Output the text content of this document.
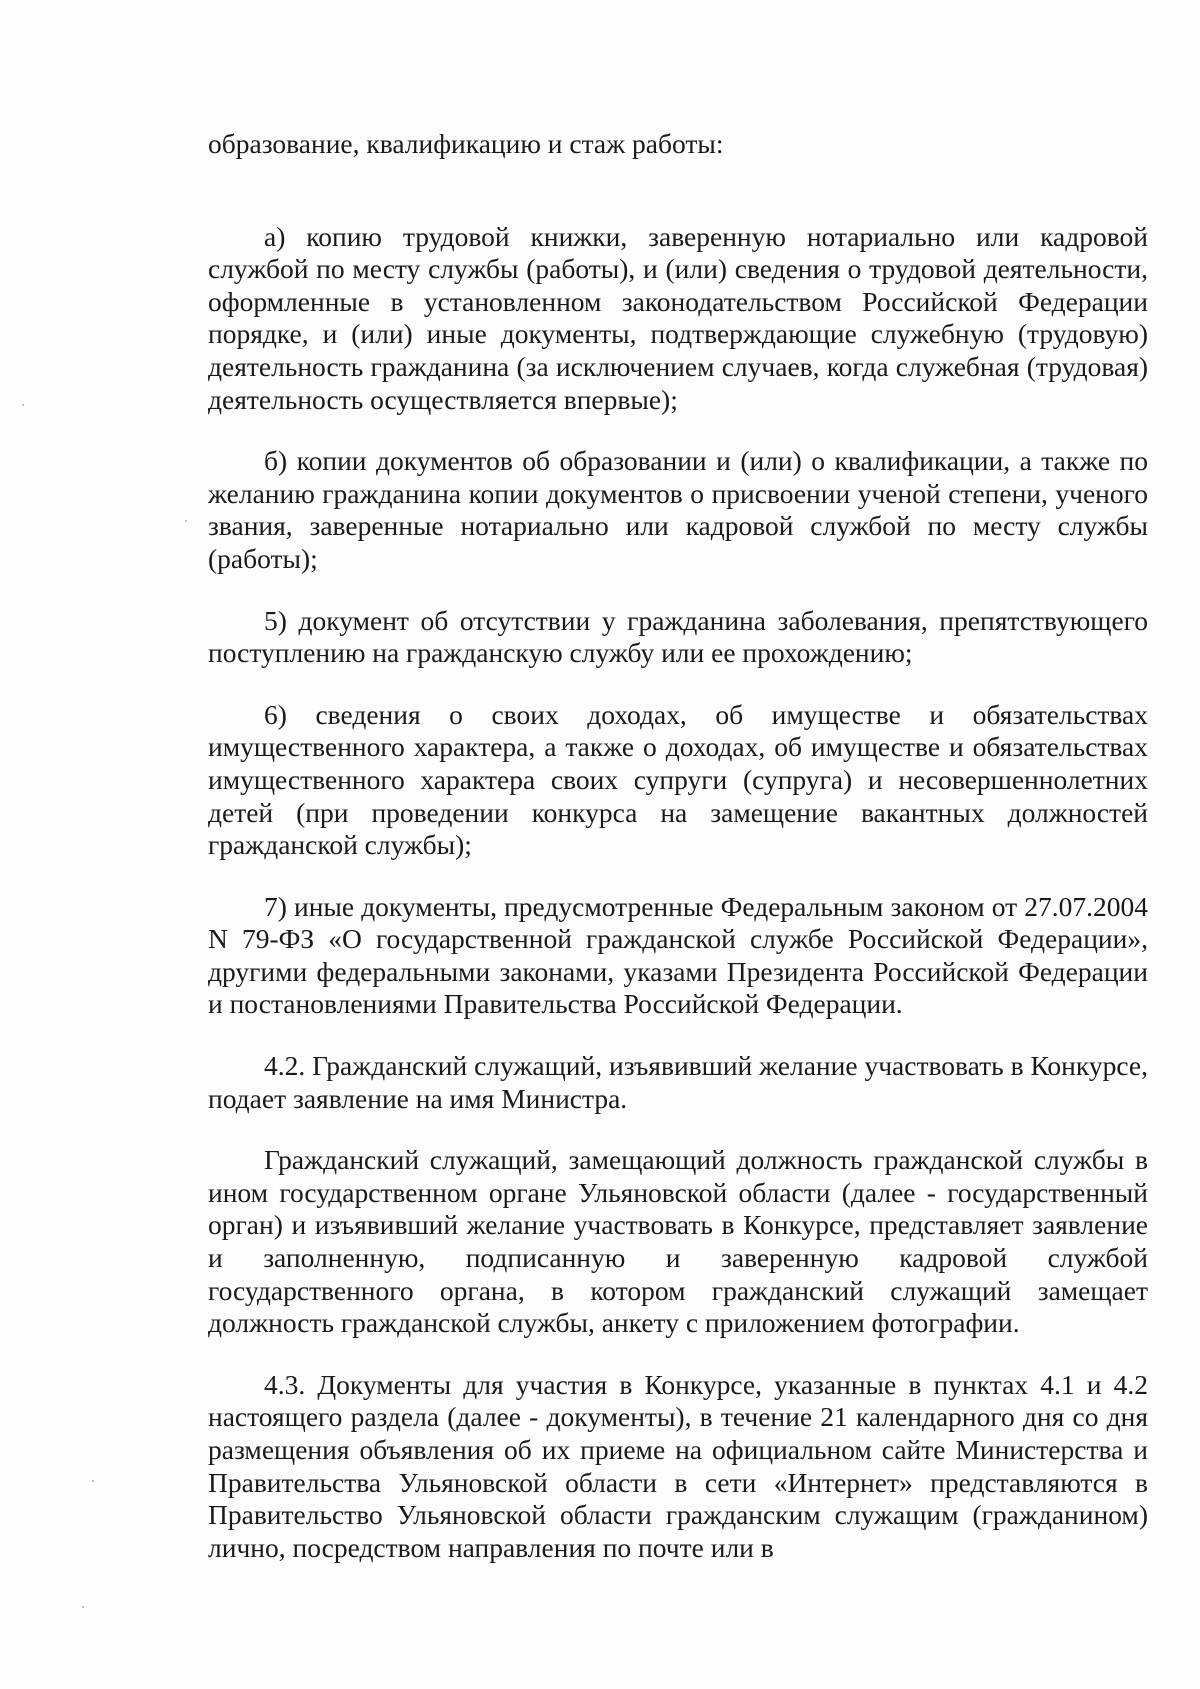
образование, квалификацию и стаж работы:

а) копию трудовой книжки, заверенную нотариально или кадровой службой по месту службы (работы), и (или) сведения о трудовой деятельности, оформленные в установленном законодательством Российской Федерации порядке, и (или) иные документы, подтверждающие служебную (трудовую) деятельность гражданина (за исключением случаев, когда служебная (трудовая) деятельность осуществляется впервые);

б) копии документов об образовании и (или) о квалификации, а также по желанию гражданина копии документов о присвоении ученой степени, ученого звания, заверенные нотариально или кадровой службой по месту службы (работы);

5) документ об отсутствии у гражданина заболевания, препятствующего поступлению на гражданскую службу или ее прохождению;

6) сведения о своих доходах, об имуществе и обязательствах имущественного характера, а также о доходах, об имуществе и обязательствах имущественного характера своих супруги (супруга) и несовершеннолетних детей (при проведении конкурса на замещение вакантных должностей гражданской службы);

7) иные документы, предусмотренные Федеральным законом от 27.07.2004 N 79-ФЗ «О государственной гражданской службе Российской Федерации», другими федеральными законами, указами Президента Российской Федерации и постановлениями Правительства Российской Федерации.

4.2. Гражданский служащий, изъявивший желание участвовать в Конкурсе, подает заявление на имя Министра.

Гражданский служащий, замещающий должность гражданской службы в ином государственном органе Ульяновской области (далее - государственный орган) и изъявивший желание участвовать в Конкурсе, представляет заявление и заполненную, подписанную и заверенную кадровой службой государственного органа, в котором гражданский служащий замещает должность гражданской службы, анкету с приложением фотографии.

4.3. Документы для участия в Конкурсе, указанные в пунктах 4.1 и 4.2 настоящего раздела (далее - документы), в течение 21 календарного дня со дня размещения объявления об их приеме на официальном сайте Министерства и Правительства Ульяновской области в сети «Интернет» представляются в Правительство Ульяновской области гражданским служащим (гражданином) лично, посредством направления по почте или в
